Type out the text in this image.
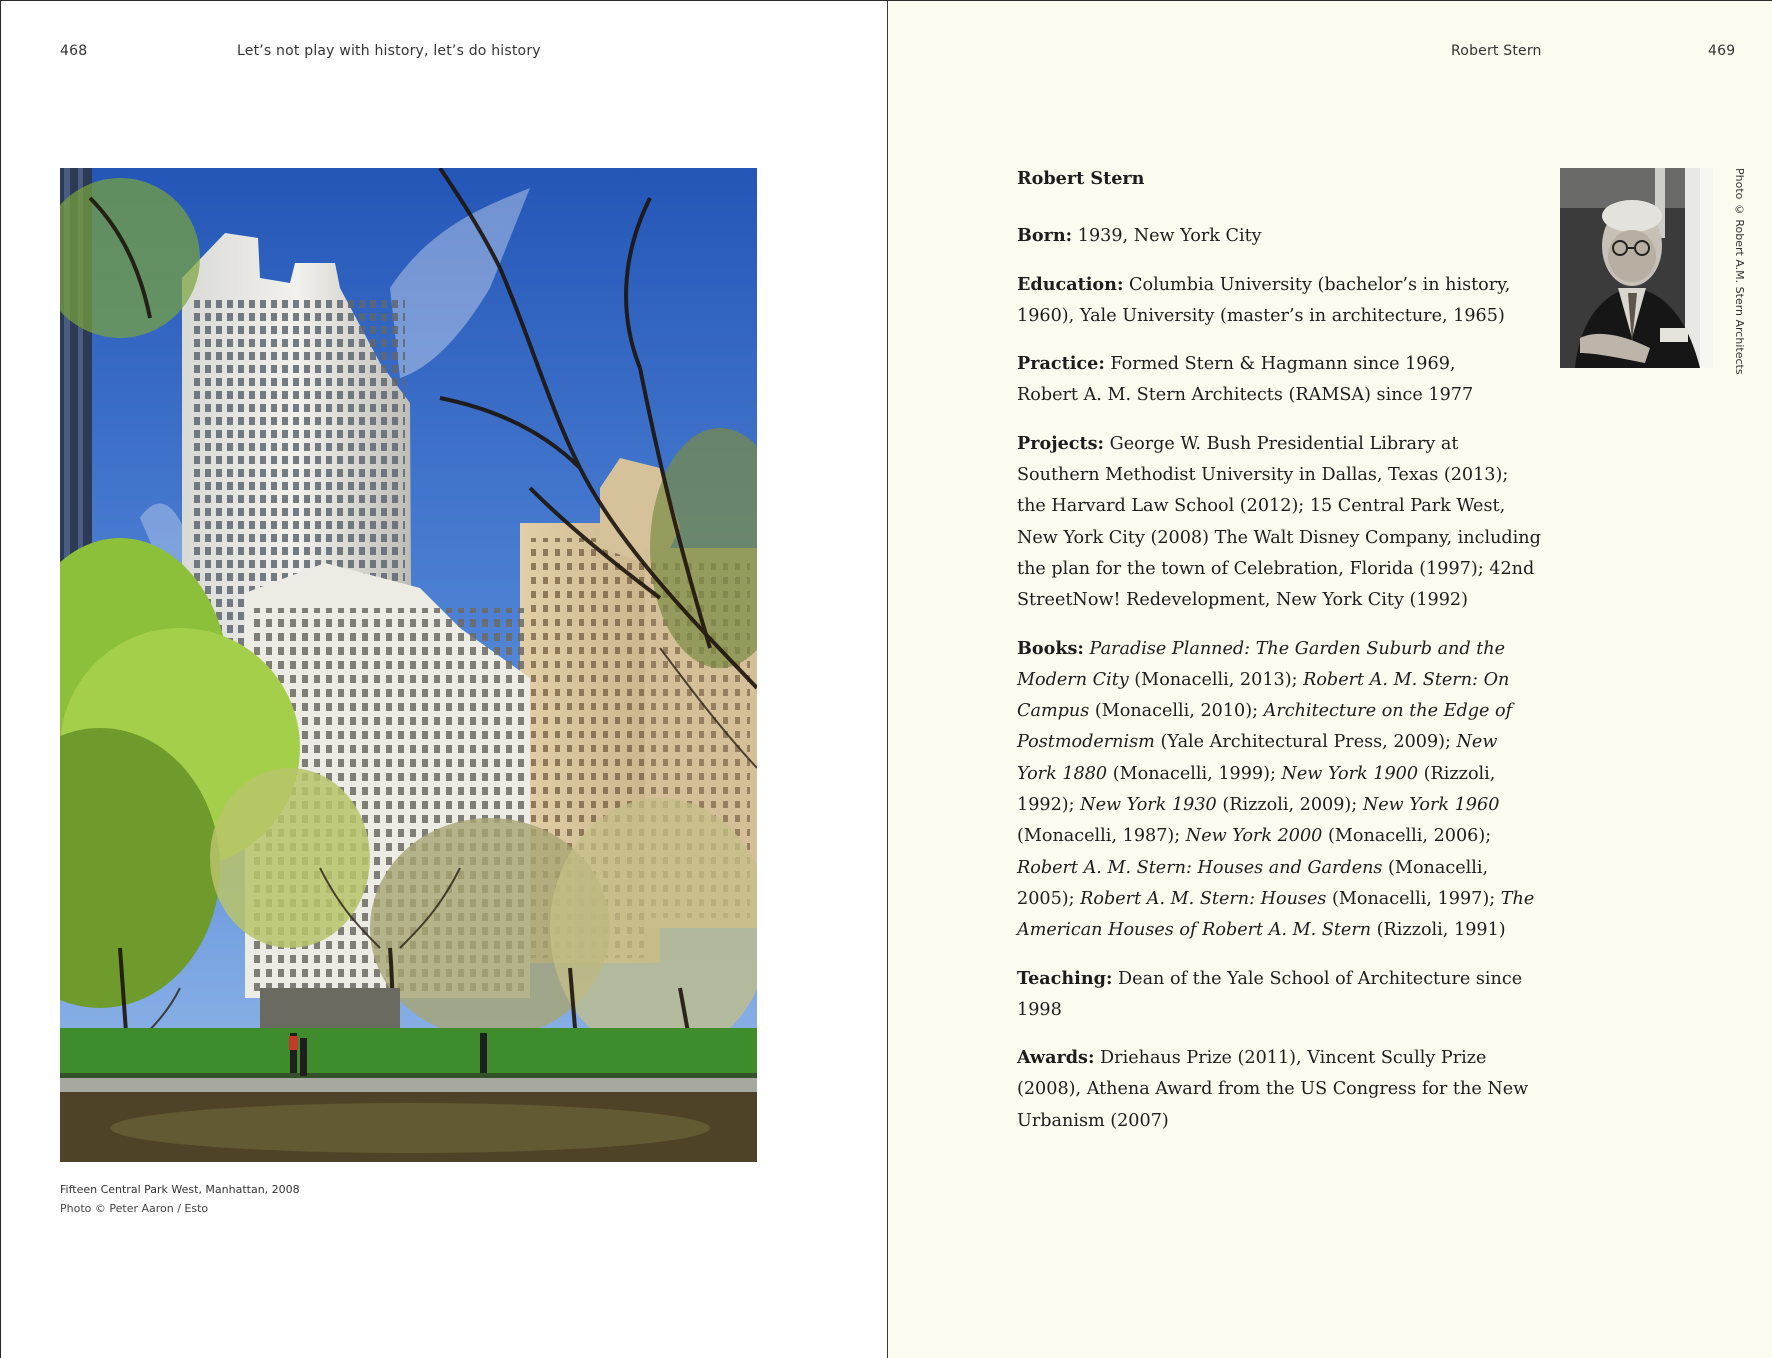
468	Let’s not play with history, let’s do history
Fifteen Central Park West, Manhattan, 2008
Photo © Peter Aaron / Esto
Robert Stern	469
Robert Stern

Born: 1939, New York City

Education: Columbia University (bachelor’s in history, 1960), Yale University (master’s in architecture, 1965)

Practice: Formed Stern & Hagmann since 1969,
Robert A. M. Stern Architects (RAMSA) since 1977

Projects: George W. Bush Presidential Library at Southern Methodist University in Dallas, Texas (2013); the Harvard Law School (2012); 15 Central Park West, New York City (2008) The Walt Disney Company, including the plan for the town of Celebration, Florida (1997); 42nd StreetNow! Redevelopment, New York City (1992)

Books: Paradise Planned: The Garden Suburb and the Modern City (Monacelli, 2013); Robert A. M. Stern: On Campus (Monacelli, 2010); Architecture on the Edge of Postmodernism (Yale Architectural Press, 2009); New York 1880 (Monacelli, 1999); New York 1900 (Rizzoli, 1992); New York 1930 (Rizzoli, 2009); New York 1960 (Monacelli, 1987); New York 2000 (Monacelli, 2006); Robert A. M. Stern: Houses and Gardens (Monacelli, 2005); Robert A. M. Stern: Houses (Monacelli, 1997); The American Houses of Robert A. M. Stern (Rizzoli, 1991)

Teaching: Dean of the Yale School of Architecture since 1998

Awards: Driehaus Prize (2011), Vincent Scully Prize (2008), Athena Award from the US Congress for the New Urbanism (2007)

Photo © Robert A.M. Stern Architects
